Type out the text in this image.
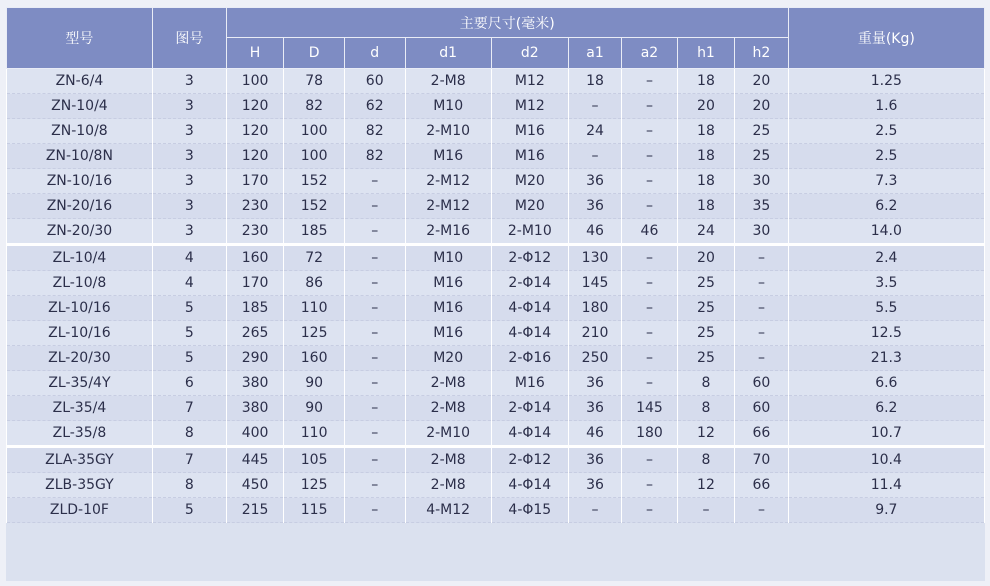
型号	图号	主要尺寸(毫米)									重量(Kg)
		H	D	d	d1	d2	a1	a2	h1	h2	
ZN-6/4	3	100	78	60	2-M8	M12	18	–	18	20	1.25
ZN-10/4	3	120	82	62	M10	M12	–	–	20	20	1.6
ZN-10/8	3	120	100	82	2-M10	M16	24	–	18	25	2.5
ZN-10/8N	3	120	100	82	M16	M16	–	–	18	25	2.5
ZN-10/16	3	170	152	–	2-M12	M20	36	–	18	30	7.3
ZN-20/16	3	230	152	–	2-M12	M20	36	–	18	35	6.2
ZN-20/30	3	230	185	–	2-M16	2-M10	46	46	24	30	14.0
ZL-10/4	4	160	72	–	M10	2-Φ12	130	–	20	–	2.4
ZL-10/8	4	170	86	–	M16	2-Φ14	145	–	25	–	3.5
ZL-10/16	5	185	110	–	M16	4-Φ14	180	–	25	–	5.5
ZL-10/16	5	265	125	–	M16	4-Φ14	210	–	25	–	12.5
ZL-20/30	5	290	160	–	M20	2-Φ16	250	–	25	–	21.3
ZL-35/4Y	6	380	90	–	2-M8	M16	36	–	8	60	6.6
ZL-35/4	7	380	90	–	2-M8	2-Φ14	36	145	8	60	6.2
ZL-35/8	8	400	110	–	2-M10	4-Φ14	46	180	12	66	10.7
ZLA-35GY	7	445	105	–	2-M8	2-Φ12	36	–	8	70	10.4
ZLB-35GY	8	450	125	–	2-M8	4-Φ14	36	–	12	66	11.4
ZLD-10F	5	215	115	–	4-M12	4-Φ15	–	–	–	–	9.7
